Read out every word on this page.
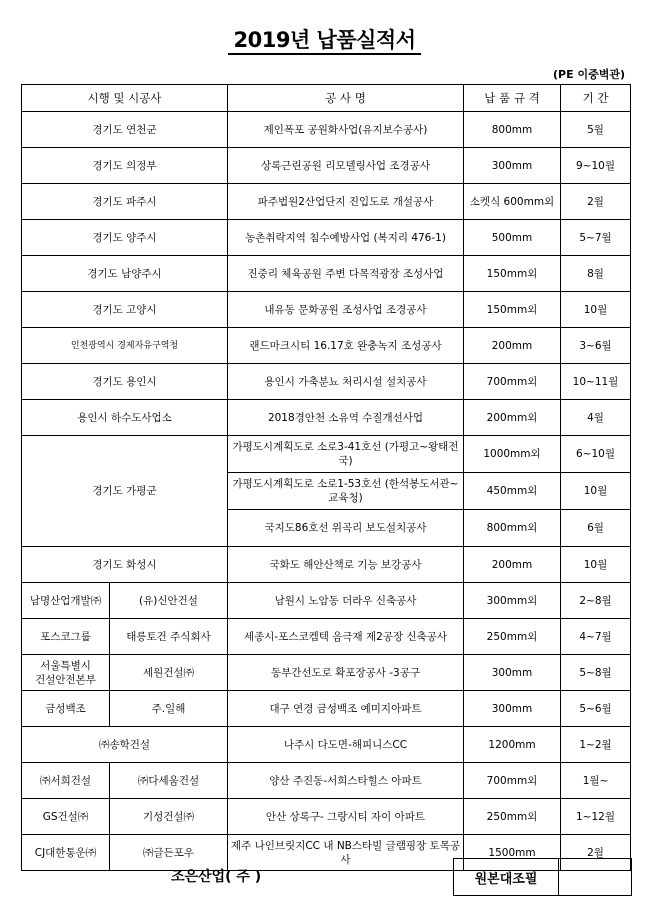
2019년 납품실적서
(PE 이중벽관)
시행 및 시공사		공 사 명	납 품 규 격	기 간
경기도 연천군		제인폭포 공원화사업(유지보수공사)	800mm	5월
경기도 의정부		상록근린공원 리모델링사업 조경공사	300mm	9~10월
경기도 파주시		파주법원2산업단지 진입도로 개설공사	소켓식 600mm외	2월
경기도 양주시		농촌취락지역 침수예방사업 (복지리 476-1)	500mm	5~7월
경기도 남양주시		진중리 체육공원 주변 다목적광장 조성사업	150mm외	8월
경기도 고양시		내유동 문화공원 조성사업 조경공사	150mm외	10월
인천광역시 경제자유구역청		랜드마크시티 16.17호 완충녹지 조성공사	200mm	3~6월
경기도 용인시		용인시 가축분뇨 처리시설 설치공사	700mm외	10~11월
용인시 하수도사업소		2018경안천 소유역 수질개선사업	200mm외	4월
경기도 가평군		가평도시계획도로 소로3-41호선 (가평고~왕태전국)	1000mm외	6~10월
		가평도시계획도로 소로1-53호선 (한석봉도서관~교육청)	450mm외	10월
		국지도86호선 위곡리 보도설치공사	800mm외	6월
경기도 화성시		국화도 해안산책로 기능 보강공사	200mm	10월
남명산업개발㈜	(유)신안건설	남원시 노암동 더라우 신축공사	300mm외	2~8월
포스코그룹	태릉토건 주식회사	세종시-포스코켐텍 음극재 제2공장 신축공사	250mm외	4~7월
서울특별시 건설안전본부	세원건설㈜	동부간선도로 확포장공사 -3공구	300mm	5~8월
금성백조	주.일해	대구 연경 금성백조 예미지아파트	300mm	5~6월
㈜송학건설		나주시 다도면-해피니스CC	1200mm	1~2월
㈜서희건설	㈜다세움건설	양산 주진동-서희스타힐스 아파트	700mm외	1월~
GS건설㈜	기성건설㈜	안산 상록구- 그랑시티 자이 아파트	250mm외	1~12월
CJ대한통운㈜	㈜글든포우	제주 나인브릿지CC 내 NB스타빌 글램핑장 토목공사	1500mm	2월
조은산업( 주 )	원본대조필
